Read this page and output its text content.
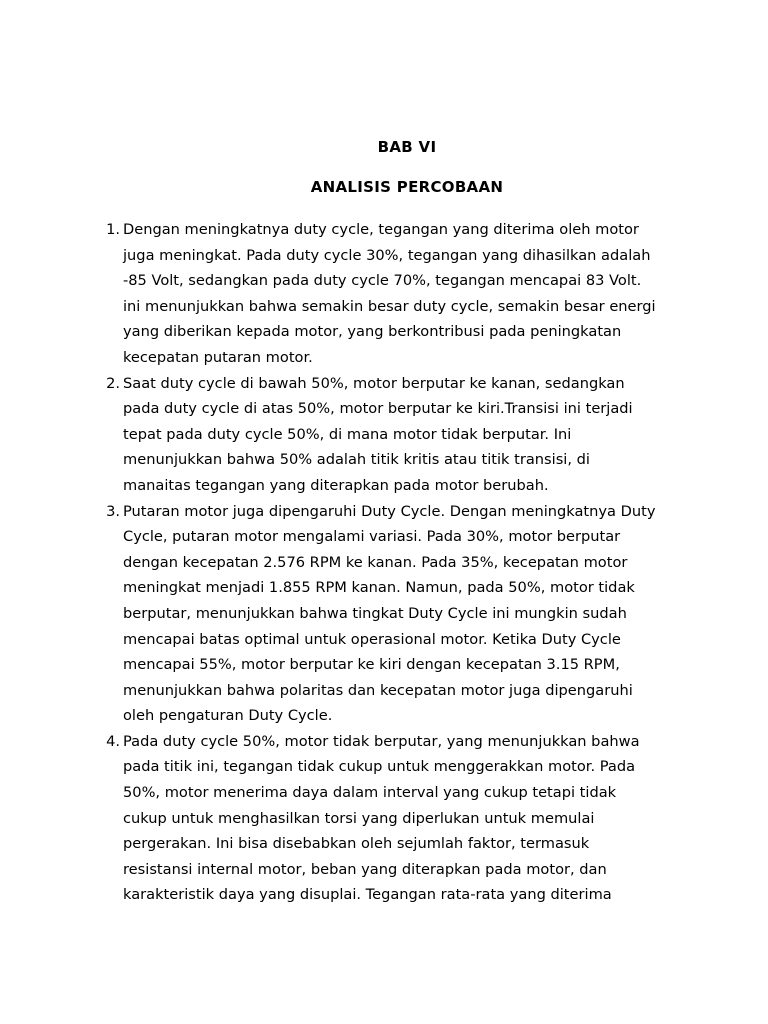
BAB VI
ANALISIS PERCOBAAN
1. Dengan meningkatnya duty cycle, tegangan yang diterima oleh motor
juga meningkat. Pada duty cycle 30%, tegangan yang dihasilkan adalah
-85 Volt, sedangkan pada duty cycle 70%, tegangan mencapai 83 Volt.
ini menunjukkan bahwa semakin besar duty cycle, semakin besar energi
yang diberikan kepada motor, yang berkontribusi pada peningkatan
kecepatan putaran motor.
2. Saat duty cycle di bawah 50%, motor berputar ke kanan, sedangkan
pada duty cycle di atas 50%, motor berputar ke kiri.Transisi ini terjadi
tepat pada duty cycle 50%, di mana motor tidak berputar. Ini
menunjukkan bahwa 50% adalah titik kritis atau titik transisi, di
manaitas tegangan yang diterapkan pada motor berubah.
3. Putaran motor juga dipengaruhi Duty Cycle. Dengan meningkatnya Duty
Cycle, putaran motor mengalami variasi. Pada 30%, motor berputar
dengan kecepatan 2.576 RPM ke kanan. Pada 35%, kecepatan motor
meningkat menjadi 1.855 RPM kanan. Namun, pada 50%, motor tidak
berputar, menunjukkan bahwa tingkat Duty Cycle ini mungkin sudah
mencapai batas optimal untuk operasional motor. Ketika Duty Cycle
mencapai 55%, motor berputar ke kiri dengan kecepatan 3.15 RPM,
menunjukkan bahwa polaritas dan kecepatan motor juga dipengaruhi
oleh pengaturan Duty Cycle.
4. Pada duty cycle 50%, motor tidak berputar, yang menunjukkan bahwa
pada titik ini, tegangan tidak cukup untuk menggerakkan motor. Pada
50%, motor menerima daya dalam interval yang cukup tetapi tidak
cukup untuk menghasilkan torsi yang diperlukan untuk memulai
pergerakan. Ini bisa disebabkan oleh sejumlah faktor, termasuk
resistansi internal motor, beban yang diterapkan pada motor, dan
karakteristik daya yang disuplai. Tegangan rata-rata yang diterima
